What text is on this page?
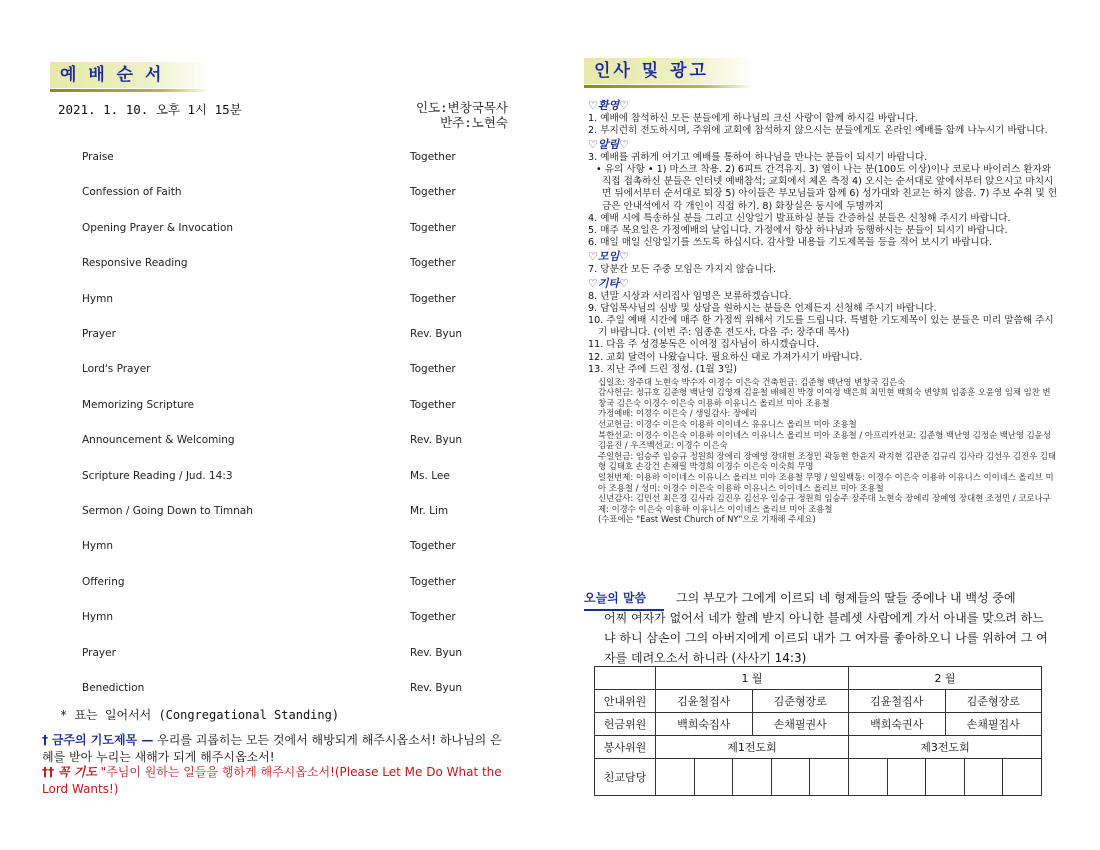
예 배 순 서
2021. 1. 10. 오후 1시 15분	인도:변창국목사
반주:노현숙
Praise	Together
Confession of Faith	Together
Opening Prayer & Invocation	Together
Responsive Reading	Together
Hymn	Together
Prayer	Rev. Byun
Lord's Prayer	Together
Memorizing Scripture	Together
Announcement & Welcoming	Rev. Byun
Scripture Reading / Jud. 14:3	Ms. Lee
Sermon / Going Down to Timnah	Mr. Lim
Hymn	Together
Offering	Together
Hymn	Together
Prayer	Rev. Byun
Benediction	Rev. Byun
* 표는 일어서서 (Congregational Standing)
† 금주의 기도제목 — 우리를 괴롭히는 모든 것에서 해방되게 해주시옵소서! 하나님의 은혜를 받아 누리는 새해가 되게 해주시옵소서!
†† 꼭 기도 "주님이 원하는 일들을 행하게 해주시옵소서!(Please Let Me Do What the Lord Wants!)
인사 및 광고
♡환영♡
1. 예배에 참석하신 모든 분들에게 하나님의 크신 사랑이 함께 하시길 바랍니다.
2. 부지런히 전도하시며, 주위에 교회에 참석하지 않으시는 분들에게도 온라인 예배를 함께 나누시기 바랍니다.
♡알림♡
3. 예배를 귀하게 여기고 예배를 통하여 하나님을 만나는 분들이 되시기 바랍니다.
• 유의 사항 • 1) 마스크 착용. 2) 6피트 간격유지. 3) 열이 나는 분(100도 이상)이나 코로나 바이러스 환자와 직접 접촉하신 분들은 인터넷 예배참석; 교회에서 체온 측정 4) 오시는 순서대로 앞에서부터 앉으시고 마치시면 뒤에서부터 순서대로 퇴장 5) 아이들은 부모님들과 함께 6) 성가대와 친교는 하지 않음. 7) 주보 수취 및 헌금은 안내석에서 각 개인이 직접 하기. 8) 화장실은 동시에 두명까지
4. 예배 시에 특송하실 분들 그리고 신앙일기 발표하실 분들 간증하실 분들은 신청해 주시기 바랍니다.
5. 매주 목요일은 가정예배의 날입니다. 가정에서 항상 하나님과 동행하시는 분들이 되시기 바랍니다.
6. 매일 매일 신앙일기를 쓰도록 하십시다. 감사할 내용들 기도제목들 등을 적어 보시기 바랍니다.
♡모임♡
7. 당분간 모든 주중 모임은 가지지 않습니다.
♡기타♡
8. 년말 시상과 서리집사 임명은 보류하겠습니다.
9. 담임목사님의 심방 및 상담을 원하시는 분들은 언제든지 신청해 주시기 바랍니다.
10. 주일 예배 시간에 매주 한 가정씩 위해서 기도를 드립니다. 특별한 기도제목이 있는 분들은 미리 말씀해 주시기 바랍니다. (이번 주: 임종훈 전도사, 다음 주: 장주대 목사)
11. 다음 주 성경봉독은 이여정 집사님이 하시겠습니다.
12. 교회 달력이 나왔습니다. 필요하신 대로 가져가시기 바랍니다.
13. 지난 주에 드린 정성. (1월 3일)
십일조: 장주대 노현숙 박수자 이경수 이은숙 건축헌금: 김준형 백난영 변창국 김은숙
감사헌금: 정규호 김준형 백난영 김영재 김윤철 배혜진 박경 이여정 백은희 최민현 백희숙 변양희 임종훈 오윤영 임채 임찬 변창국 김은숙 이경수 이은숙 이용하 이유니스 올리브 미아 조용철
가정예배: 이경수 이은숙 / 생일감사: 장에리
선교헌금: 이경수 이은숙 이용하 이이네스 유유니스 올리브 미아 조용철
북한선교: 이경수 이은숙 이용하 이이네스 이유니스 올리브 미아 조용철 / 아프리카선교: 김준형 백난영 김정순 백난영 김윤성 김윤진 / 우즈벡선교: 이경수 이은숙
주일헌금: 임승주 임승규 정원희 장에리 장예영 장대현 조정민 곽동현 한윤지 곽지현 김관준 김규리 김사라 김선우 김진우 김태형 김태호 손강건 손채필 박경희 이경수 이은숙 이숙희 무명
일천번제: 이용하 이이네스 이유니스 올리브 미아 조용철 무명 / 일일백동: 이경수 이은숙 이용하 이유니스 이이네스 올리브 미아 조용철 / 성미: 이경수 이은숙 이용하 이유니스 이이네스 올리브 미아 조용철
신년감사: 김민선 최은경 김사라 김진우 김선우 임승규 정원희 임승주 장주대 노현숙 장에리 장예영 장대현 조정민 / 코로나구제: 이경수 이은숙 이용하 이유니스 이이네스 올리브 미아 조용철
(수표에는 "East West Church of NY"으로 기재해 주세요)
오늘의 말씀 그의 부모가 그에게 이르되 네 형제들의 딸들 중에나 내 백성 중에
어찌 여자가 없어서 네가 할례 받지 아니한 블레셋 사람에게 가서 아내를 맞으려 하느냐 하니 삼손이 그의 아버지에게 이르되 내가 그 여자를 좋아하오니 나를 위하여 그 여자를 데려오소서 하니라 (사사기 14:3)
	1 월		2 월	
안내위원	김윤철집사	김준형장로	김윤철집사	김준형장로
헌금위원	백희숙집사	손채필권사	백희숙권사	손채필집사
봉사위원	제1전도회		제3전도회	
친교담당				
